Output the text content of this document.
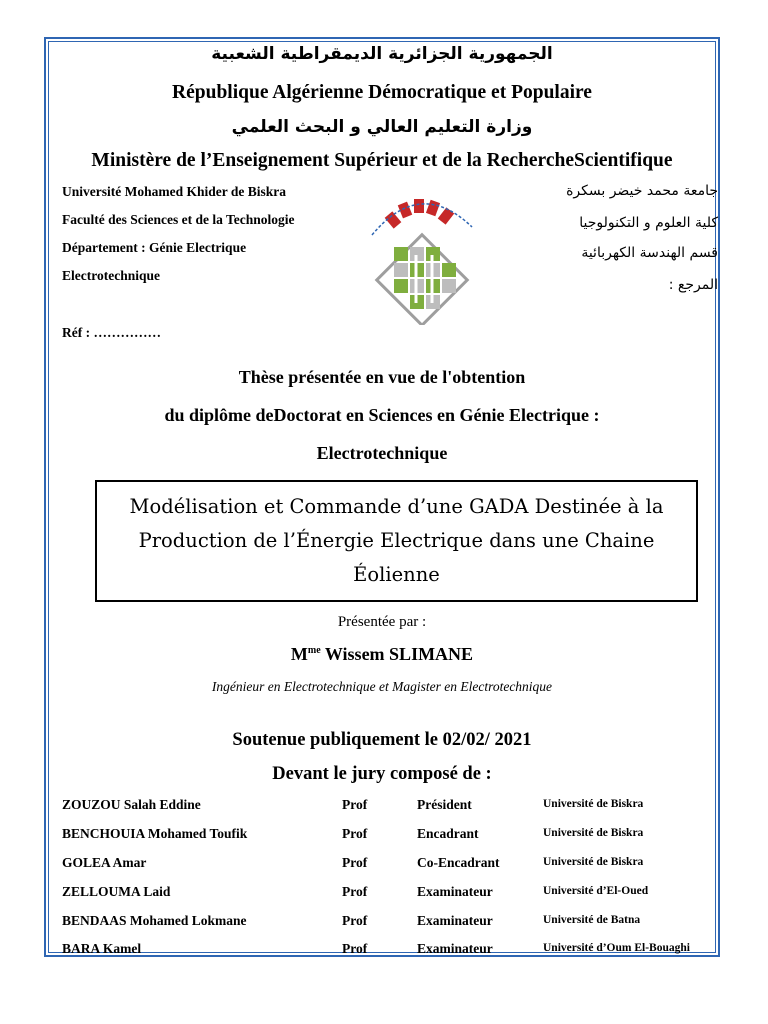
الجمهورية الجزائرية الديمقراطية الشعبية
République Algérienne Démocratique et Populaire
وزارة التعليم العالي و البحث العلمي
Ministère de l’Enseignement Supérieur et de la RechercheScientifique
Université Mohamed Khider de Biskra
Faculté des Sciences et de la Technologie
Département : Génie Electrique
Electrotechnique
Réf : ……………
جامعة محمد خيضر بسكرة
كلية العلوم و التكنولوجيا
قسم الهندسة الكهربائية
المرجع :
Thèse présentée en vue de l'obtention
du diplôme deDoctorat en Sciences en Génie Electrique :
Electrotechnique
Modélisation et Commande d’une GADA Destinée à la Production de l’Énergie Electrique dans une Chaine Éolienne
Présentée par :
$M^{me}$ Wissem SLIMANE
Ingénieur en Electrotechnique et Magister en Electrotechnique
Soutenue publiquement le 02/02/ 2021
Devant le jury composé de :
ZOUZOU Salah Eddine	Prof	Président	Université de Biskra
BENCHOUIA Mohamed Toufik	Prof	Encadrant	Université de Biskra
GOLEA Amar	Prof	Co-Encadrant	Université de Biskra
ZELLOUMA Laid	Prof	Examinateur	Université d’El-Oued
BENDAAS Mohamed Lokmane	Prof	Examinateur	Université de Batna
BARA Kamel	Prof	Examinateur	Université d’Oum El-Bouaghi
